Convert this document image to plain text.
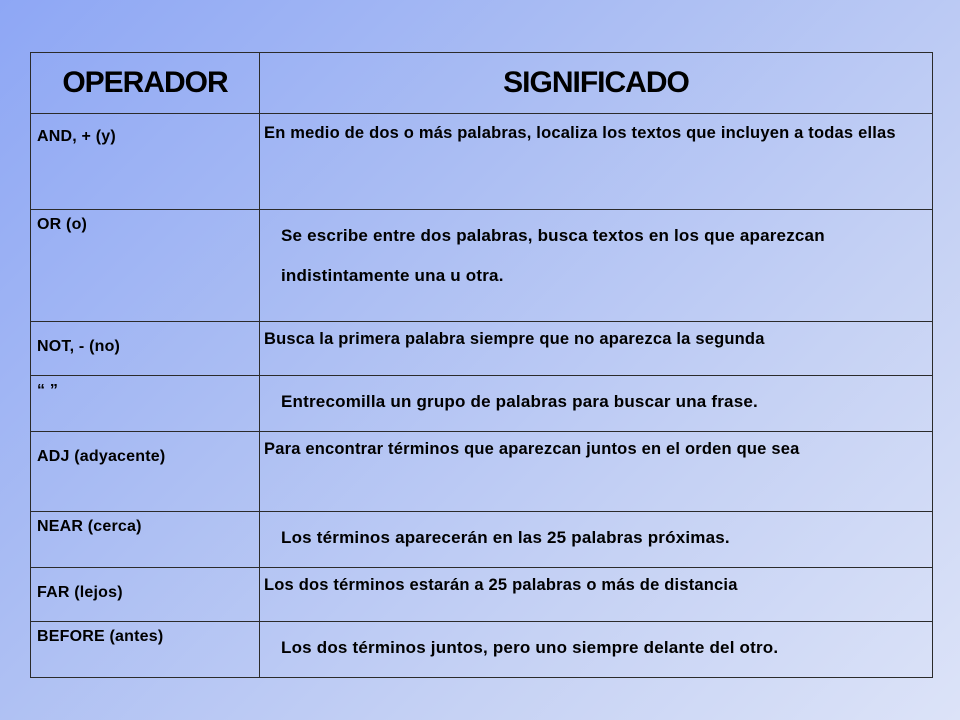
OPERADOR	SIGNIFICADO
AND, + (y)	En medio de dos o más palabras, localiza los textos que incluyen a todas ellas
OR (o)	Se escribe entre dos palabras, busca textos en los que aparezcan indistintamente una u otra.
NOT, - (no)	Busca la primera palabra siempre que no aparezca la segunda
“ ”	Entrecomilla un grupo de palabras para buscar una frase.
ADJ (adyacente)	Para encontrar términos que aparezcan juntos en el orden que sea
NEAR (cerca)	Los términos aparecerán en las 25 palabras próximas.
FAR (lejos)	Los dos términos estarán a 25 palabras o más de distancia
BEFORE (antes)	Los dos términos juntos, pero uno siempre delante del otro.
